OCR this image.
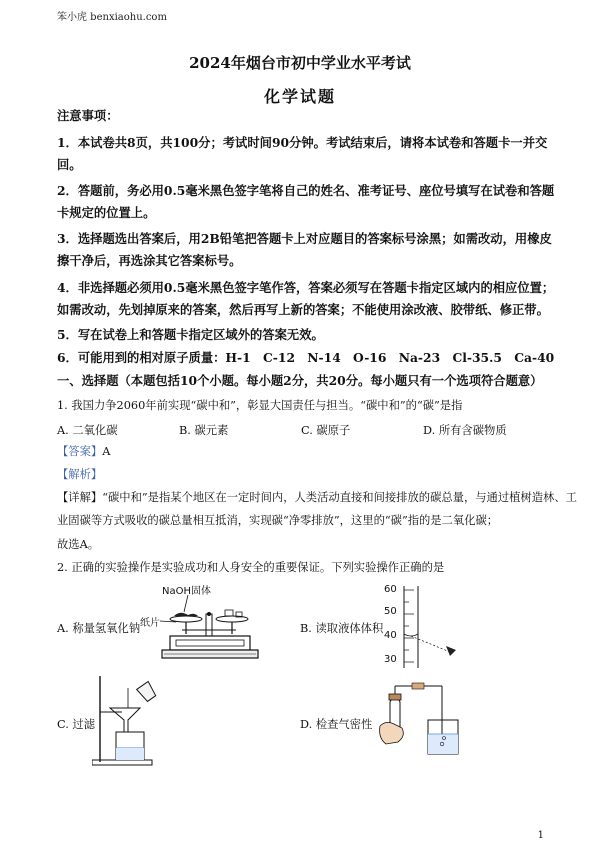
笨小虎 benxiaohu.com
2024年烟台市初中学业水平考试
化学试题
注意事项：
1．本试卷共8页，共100分；考试时间90分钟。考试结束后，请将本试卷和答题卡一并交
回。
2．答题前，务必用0.5毫米黑色签字笔将自己的姓名、准考证号、座位号填写在试卷和答题
卡规定的位置上。
3．选择题选出答案后，用2B铅笔把答题卡上对应题目的答案标号涂黑；如需改动，用橡皮
擦干净后，再选涂其它答案标号。
4．非选择题必须用0.5毫米黑色签字笔作答，答案必须写在答题卡指定区域内的相应位置；
如需改动，先划掉原来的答案，然后再写上新的答案；不能使用涂改液、胶带纸、修正带。
5．写在试卷上和答题卡指定区域外的答案无效。
6．可能用到的相对原子质量：H-1　C-12　N-14　O-16　Na-23　Cl-35.5　Ca-40
一、选择题（本题包括10个小题。每小题2分，共20分。每小题只有一个选项符合题意）
1. 我国力争2060年前实现“碳中和”，彰显大国责任与担当。“碳中和”的“碳”是指
A. 二氧化碳	B. 碳元素	C. 碳原子	D. 所有含碳物质
【答案】A
【解析】
【详解】“碳中和”是指某个地区在一定时间内，人类活动直接和间接排放的碳总量，与通过植树造林、工
业固碳等方式吸收的碳总量相互抵消，实现碳“净零排放”，这里的“碳”指的是二氧化碳；
故选A。
2. 正确的实验操作是实验成功和人身安全的重要保证。下列实验操作正确的是
A. 称量氢氧化钠	B. 读取液体体积
C. 过滤	D. 检查气密性
NaOH固体
纸片
60
50
40
30
1
